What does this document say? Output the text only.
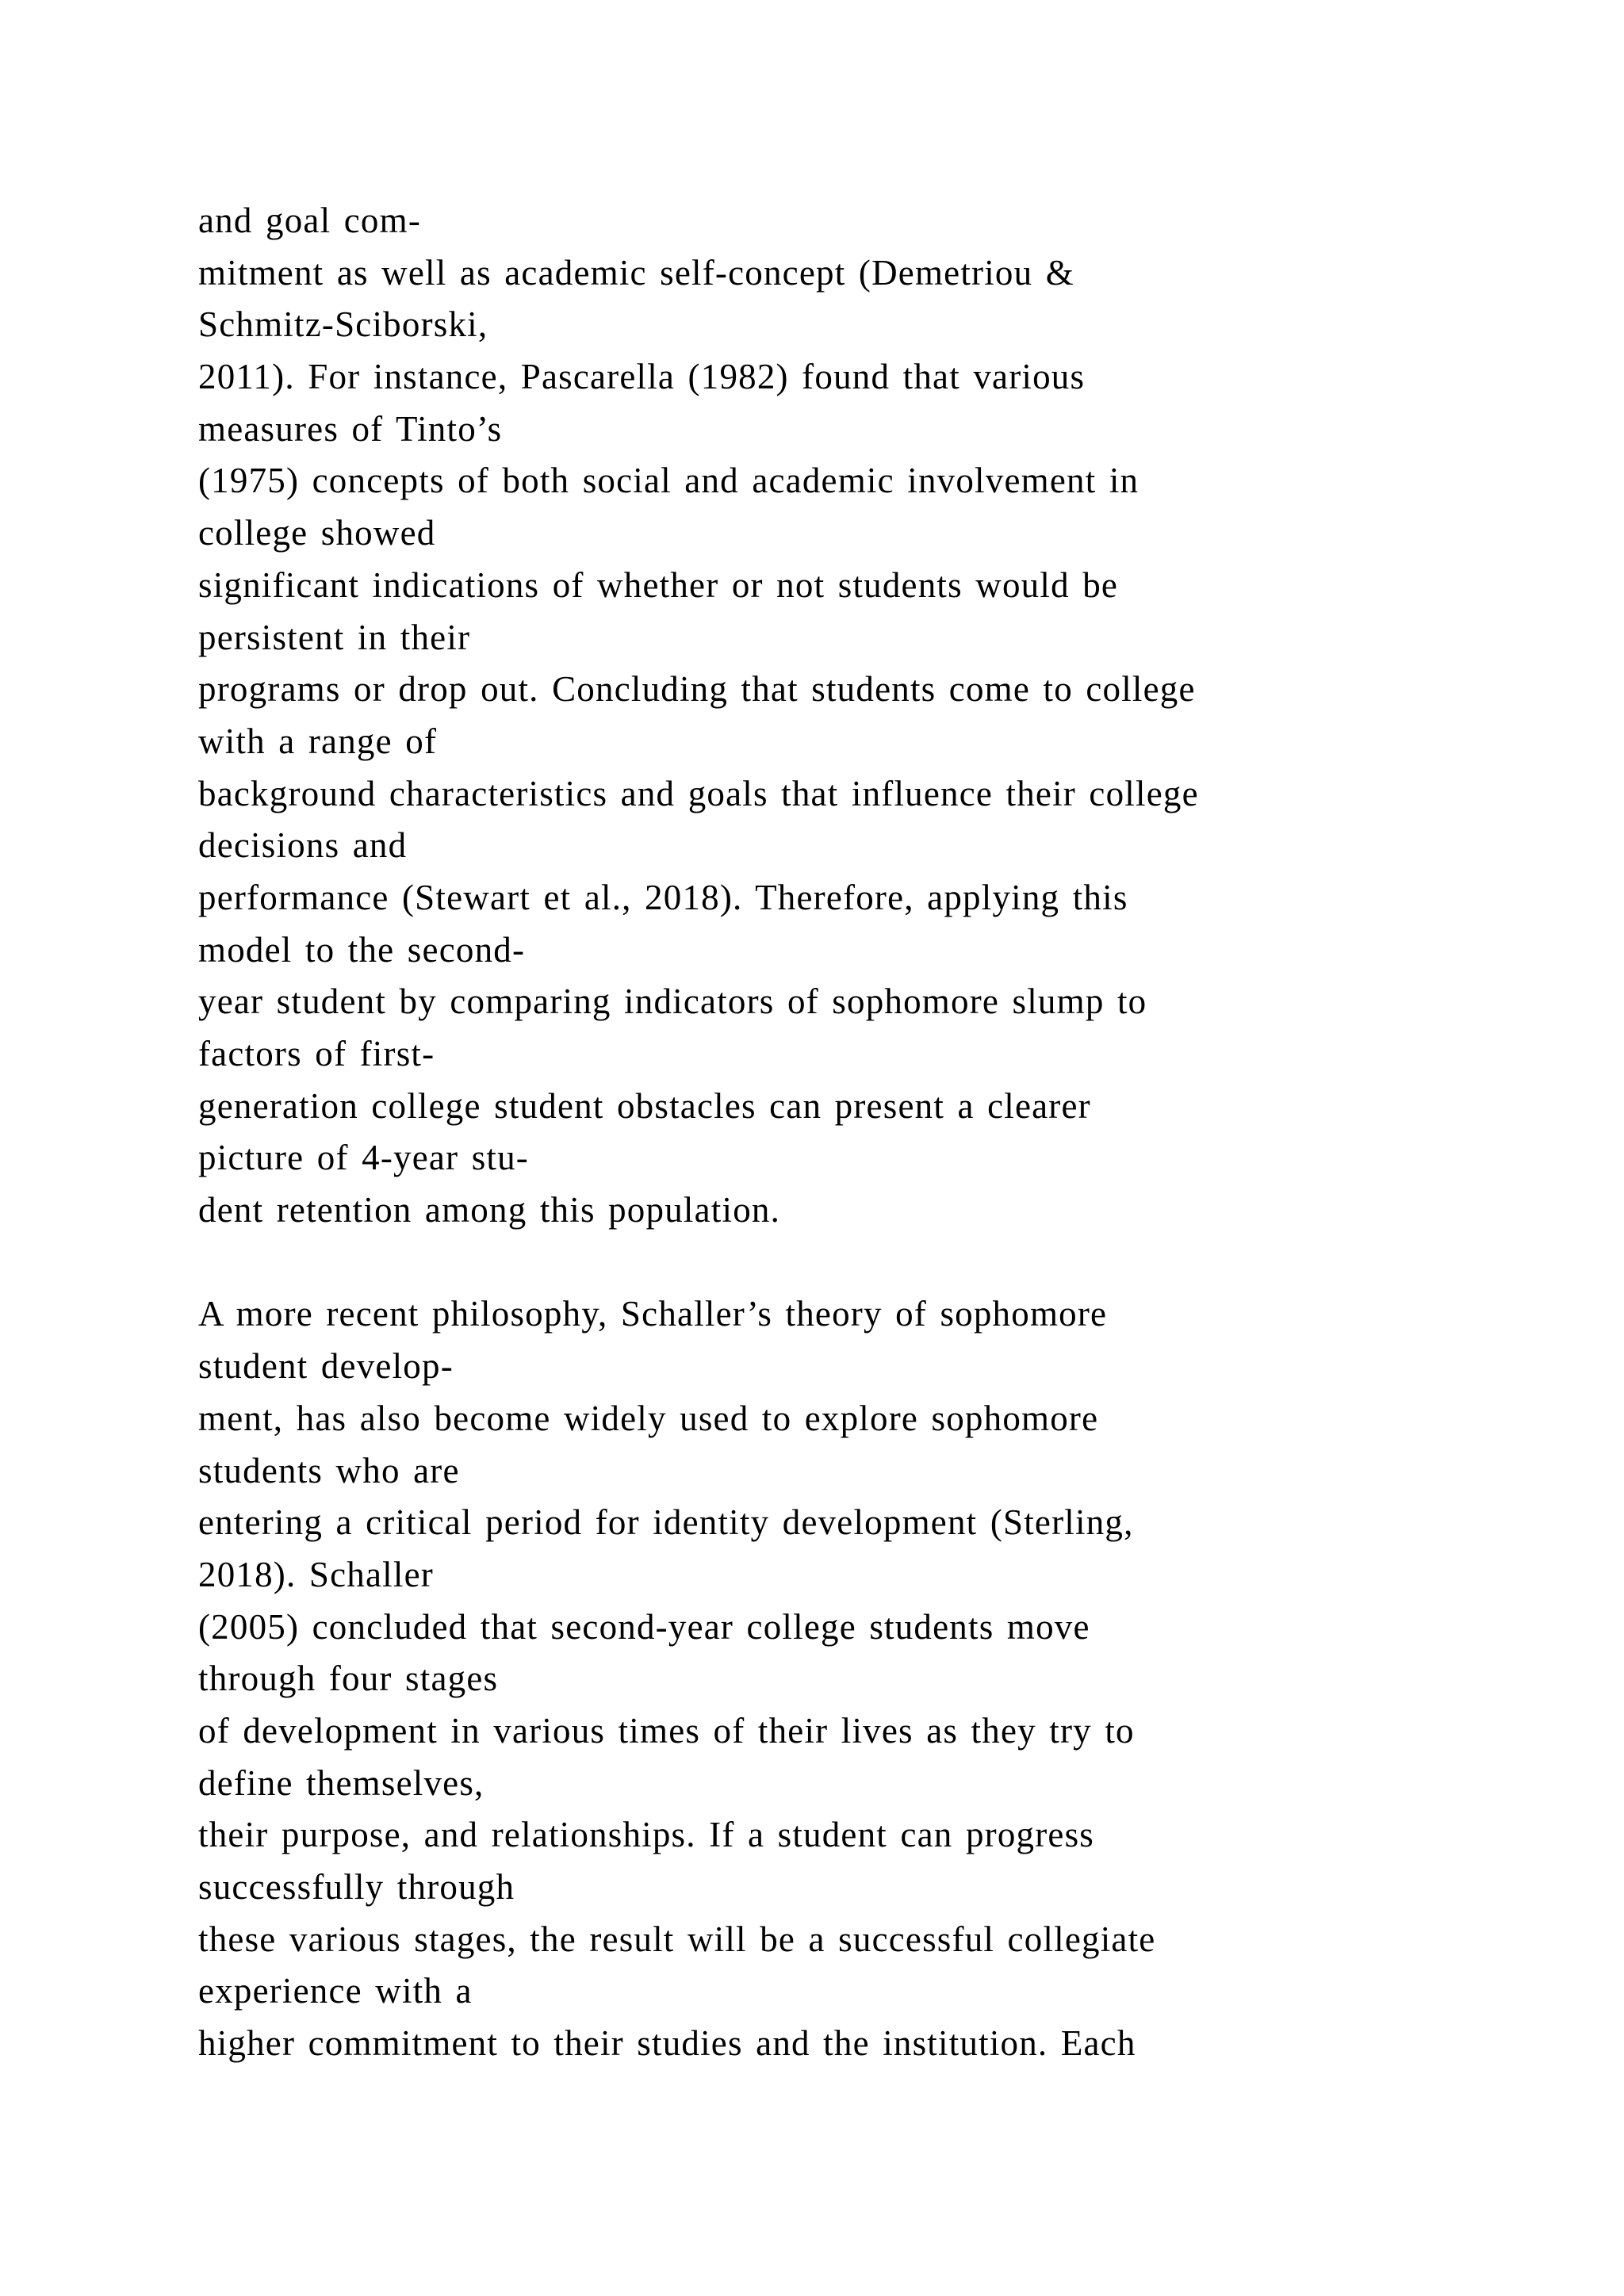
and goal com-
mitment as well as academic self-concept (Demetriou &
Schmitz-Sciborski,
2011). For instance, Pascarella (1982) found that various
measures of Tinto’s
(1975) concepts of both social and academic involvement in
college showed
significant indications of whether or not students would be
persistent in their
programs or drop out. Concluding that students come to college
with a range of
background characteristics and goals that influence their college
decisions and
performance (Stewart et al., 2018). Therefore, applying this
model to the second-
year student by comparing indicators of sophomore slump to
factors of first-
generation college student obstacles can present a clearer
picture of 4-year stu-
dent retention among this population.
A more recent philosophy, Schaller’s theory of sophomore
student develop-
ment, has also become widely used to explore sophomore
students who are
entering a critical period for identity development (Sterling,
2018). Schaller
(2005) concluded that second-year college students move
through four stages
of development in various times of their lives as they try to
define themselves,
their purpose, and relationships. If a student can progress
successfully through
these various stages, the result will be a successful collegiate
experience with a
higher commitment to their studies and the institution. Each
